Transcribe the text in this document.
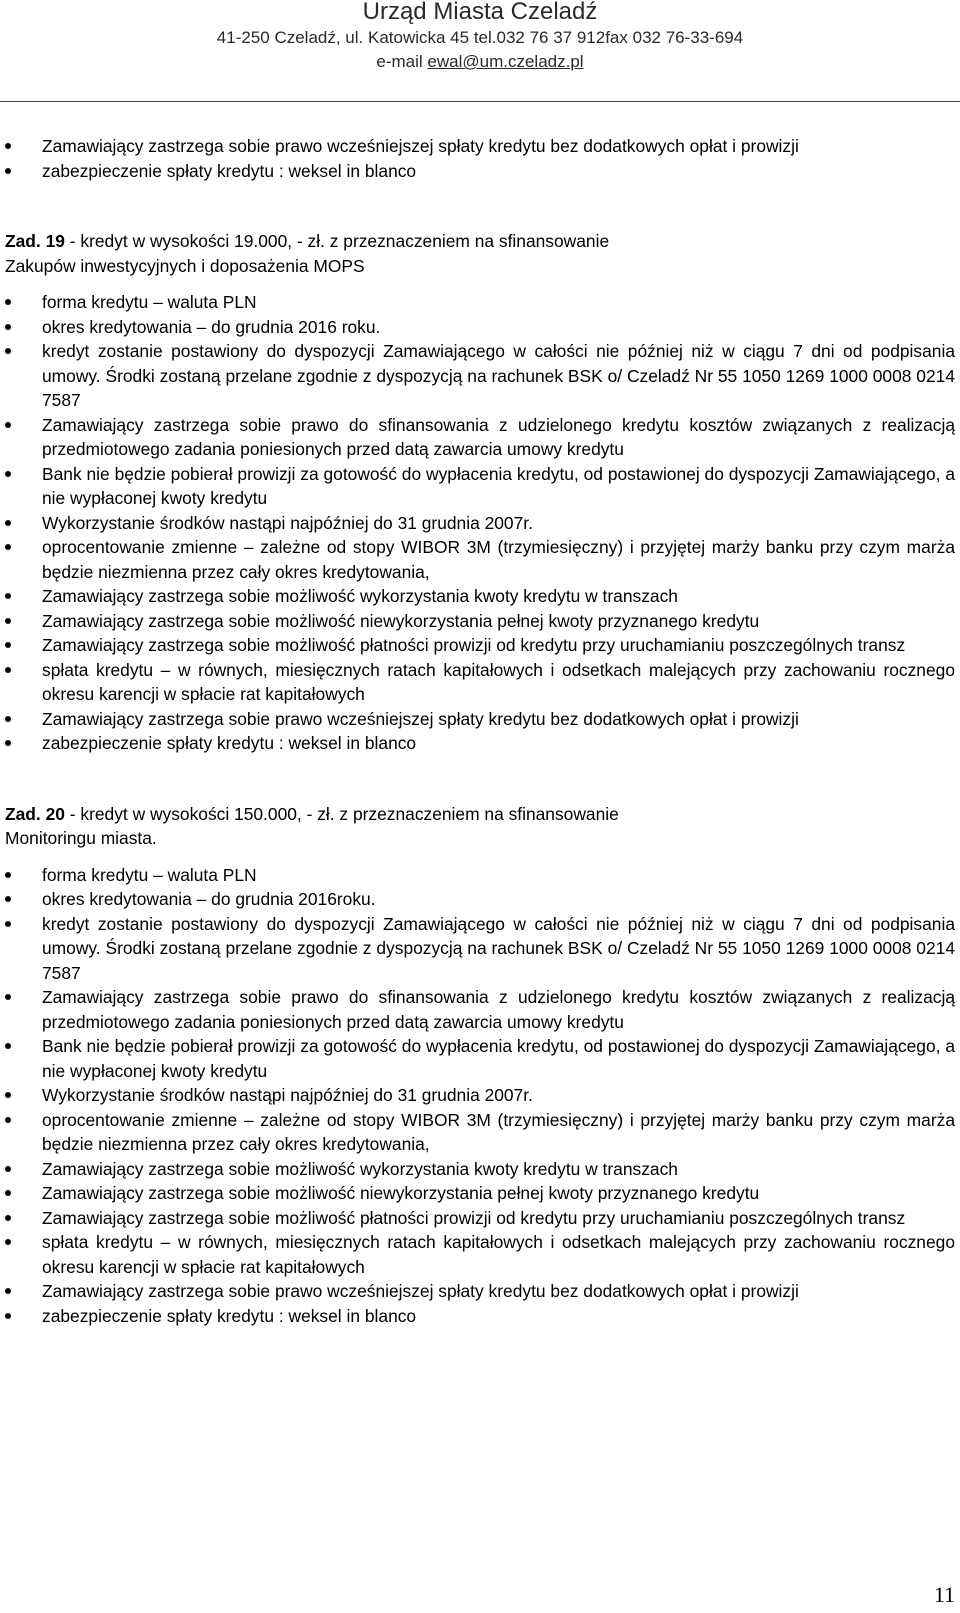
Urząd Miasta Czeladź
41-250 Czeladź, ul. Katowicka 45 tel.032 76 37 912fax 032 76-33-694
e-mail ewal@um.czeladz.pl
Zamawiający zastrzega sobie prawo wcześniejszej spłaty kredytu bez dodatkowych opłat i prowizji
zabezpieczenie spłaty kredytu : weksel in blanco

Zad. 19 - kredyt w wysokości 19.000, - zł. z przeznaczeniem na sfinansowanie
Zakupów inwestycyjnych i doposażenia MOPS

forma kredytu – waluta PLN
okres kredytowania – do grudnia 2016 roku.
kredyt zostanie postawiony do dyspozycji Zamawiającego w całości nie później niż w ciągu 7 dni od podpisania umowy. Środki zostaną przelane zgodnie z dyspozycją na rachunek BSK o/ Czeladź Nr 55 1050 1269 1000 0008 0214 7587
Zamawiający zastrzega sobie prawo do sfinansowania z udzielonego kredytu kosztów związanych z realizacją przedmiotowego zadania poniesionych przed datą zawarcia umowy kredytu
Bank nie będzie pobierał prowizji za gotowość do wypłacenia kredytu, od postawionej do dyspozycji Zamawiającego, a nie wypłaconej kwoty kredytu
Wykorzystanie środków nastąpi najpóźniej do 31 grudnia 2007r.
oprocentowanie zmienne – zależne od stopy WIBOR 3M (trzymiesięczny) i przyjętej marży banku przy czym marża będzie niezmienna przez cały okres kredytowania,
Zamawiający zastrzega sobie możliwość wykorzystania kwoty kredytu w transzach
Zamawiający zastrzega sobie możliwość niewykorzystania pełnej kwoty przyznanego kredytu
Zamawiający zastrzega sobie możliwość płatności prowizji od kredytu przy uruchamianiu poszczególnych transz
spłata kredytu – w równych, miesięcznych ratach kapitałowych i odsetkach malejących przy zachowaniu rocznego okresu karencji w spłacie rat kapitałowych
Zamawiający zastrzega sobie prawo wcześniejszej spłaty kredytu bez dodatkowych opłat i prowizji
zabezpieczenie spłaty kredytu : weksel in blanco

Zad. 20 - kredyt w wysokości 150.000, - zł. z przeznaczeniem na sfinansowanie
Monitoringu miasta.

forma kredytu – waluta PLN
okres kredytowania – do grudnia 2016roku.
kredyt zostanie postawiony do dyspozycji Zamawiającego w całości nie później niż w ciągu 7 dni od podpisania umowy. Środki zostaną przelane zgodnie z dyspozycją na rachunek BSK o/ Czeladź Nr 55 1050 1269 1000 0008 0214 7587
Zamawiający zastrzega sobie prawo do sfinansowania z udzielonego kredytu kosztów związanych z realizacją przedmiotowego zadania poniesionych przed datą zawarcia umowy kredytu
Bank nie będzie pobierał prowizji za gotowość do wypłacenia kredytu, od postawionej do dyspozycji Zamawiającego, a nie wypłaconej kwoty kredytu
Wykorzystanie środków nastąpi najpóźniej do 31 grudnia 2007r.
oprocentowanie zmienne – zależne od stopy WIBOR 3M (trzymiesięczny) i przyjętej marży banku przy czym marża będzie niezmienna przez cały okres kredytowania,
Zamawiający zastrzega sobie możliwość wykorzystania kwoty kredytu w transzach
Zamawiający zastrzega sobie możliwość niewykorzystania pełnej kwoty przyznanego kredytu
Zamawiający zastrzega sobie możliwość płatności prowizji od kredytu przy uruchamianiu poszczególnych transz
spłata kredytu – w równych, miesięcznych ratach kapitałowych i odsetkach malejących przy zachowaniu rocznego okresu karencji w spłacie rat kapitałowych
Zamawiający zastrzega sobie prawo wcześniejszej spłaty kredytu bez dodatkowych opłat i prowizji
zabezpieczenie spłaty kredytu : weksel in blanco
11
